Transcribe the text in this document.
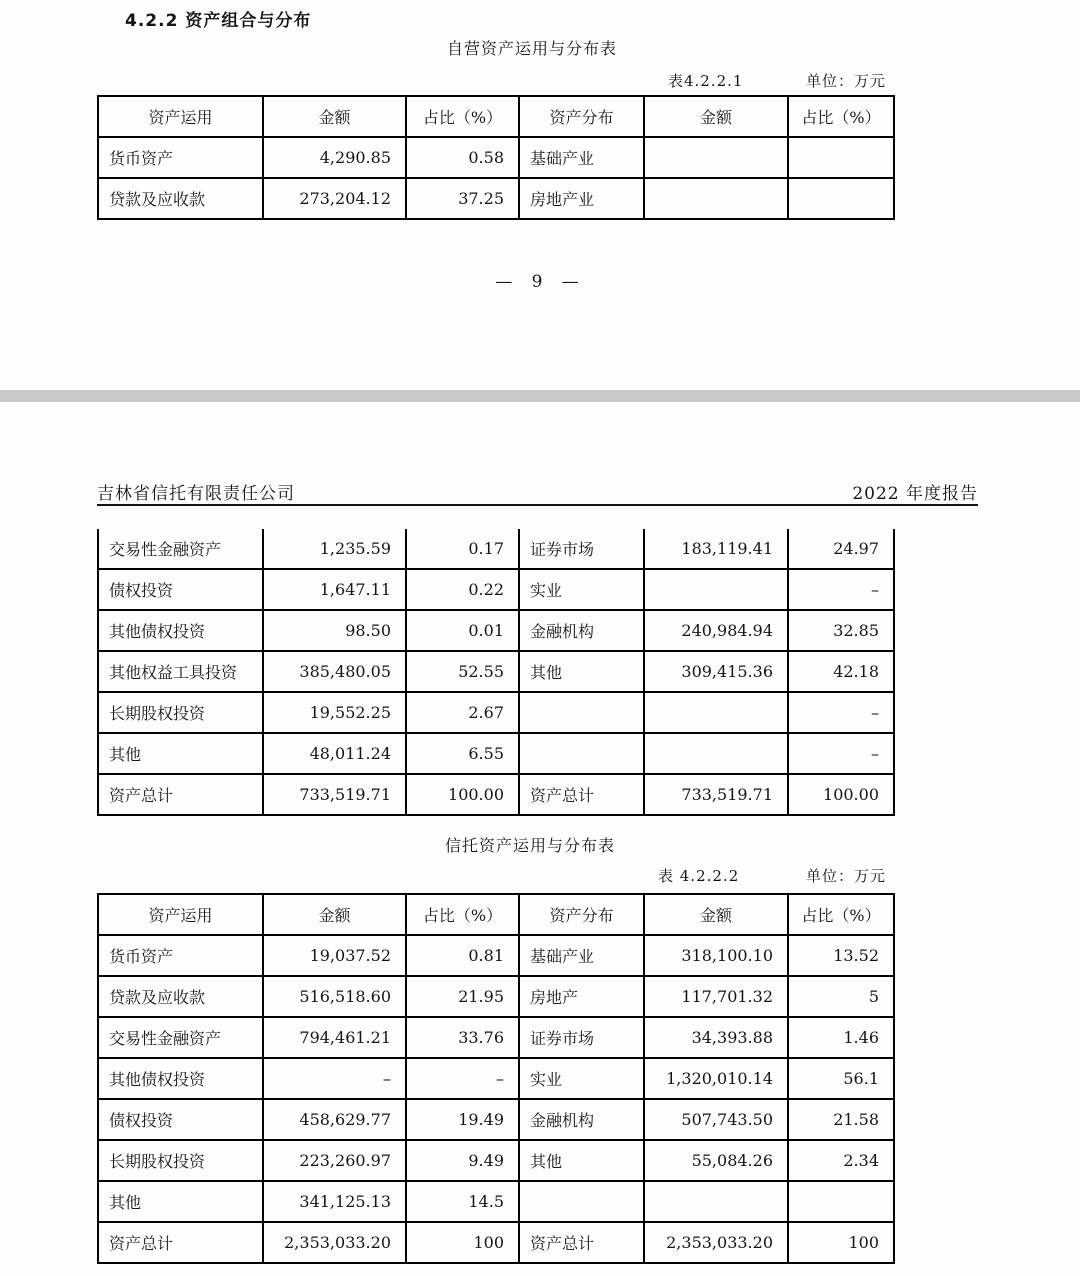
4.2.2 资产组合与分布
自营资产运用与分布表
表4.2.2.1	单位：万元
资产运用	金额	占比（%）	资产分布	金额	占比（%）
货币资产	4,290.85	0.58	基础产业		
贷款及应收款	273,204.12	37.25	房地产业		
— 9 —
吉林省信托有限责任公司	2022 年度报告
交易性金融资产	1,235.59	0.17	证券市场	183,119.41	24.97
债权投资	1,647.11	0.22	实业		–
其他债权投资	98.50	0.01	金融机构	240,984.94	32.85
其他权益工具投资	385,480.05	52.55	其他	309,415.36	42.18
长期股权投资	19,552.25	2.67			–
其他	48,011.24	6.55			–
资产总计	733,519.71	100.00	资产总计	733,519.71	100.00
信托资产运用与分布表
表 4.2.2.2	单位：万元
资产运用	金额	占比（%）	资产分布	金额	占比（%）
货币资产	19,037.52	0.81	基础产业	318,100.10	13.52
贷款及应收款	516,518.60	21.95	房地产	117,701.32	5
交易性金融资产	794,461.21	33.76	证券市场	34,393.88	1.46
其他债权投资	–	–	实业	1,320,010.14	56.1
债权投资	458,629.77	19.49	金融机构	507,743.50	21.58
长期股权投资	223,260.97	9.49	其他	55,084.26	2.34
其他	341,125.13	14.5			
资产总计	2,353,033.20	100	资产总计	2,353,033.20	100
